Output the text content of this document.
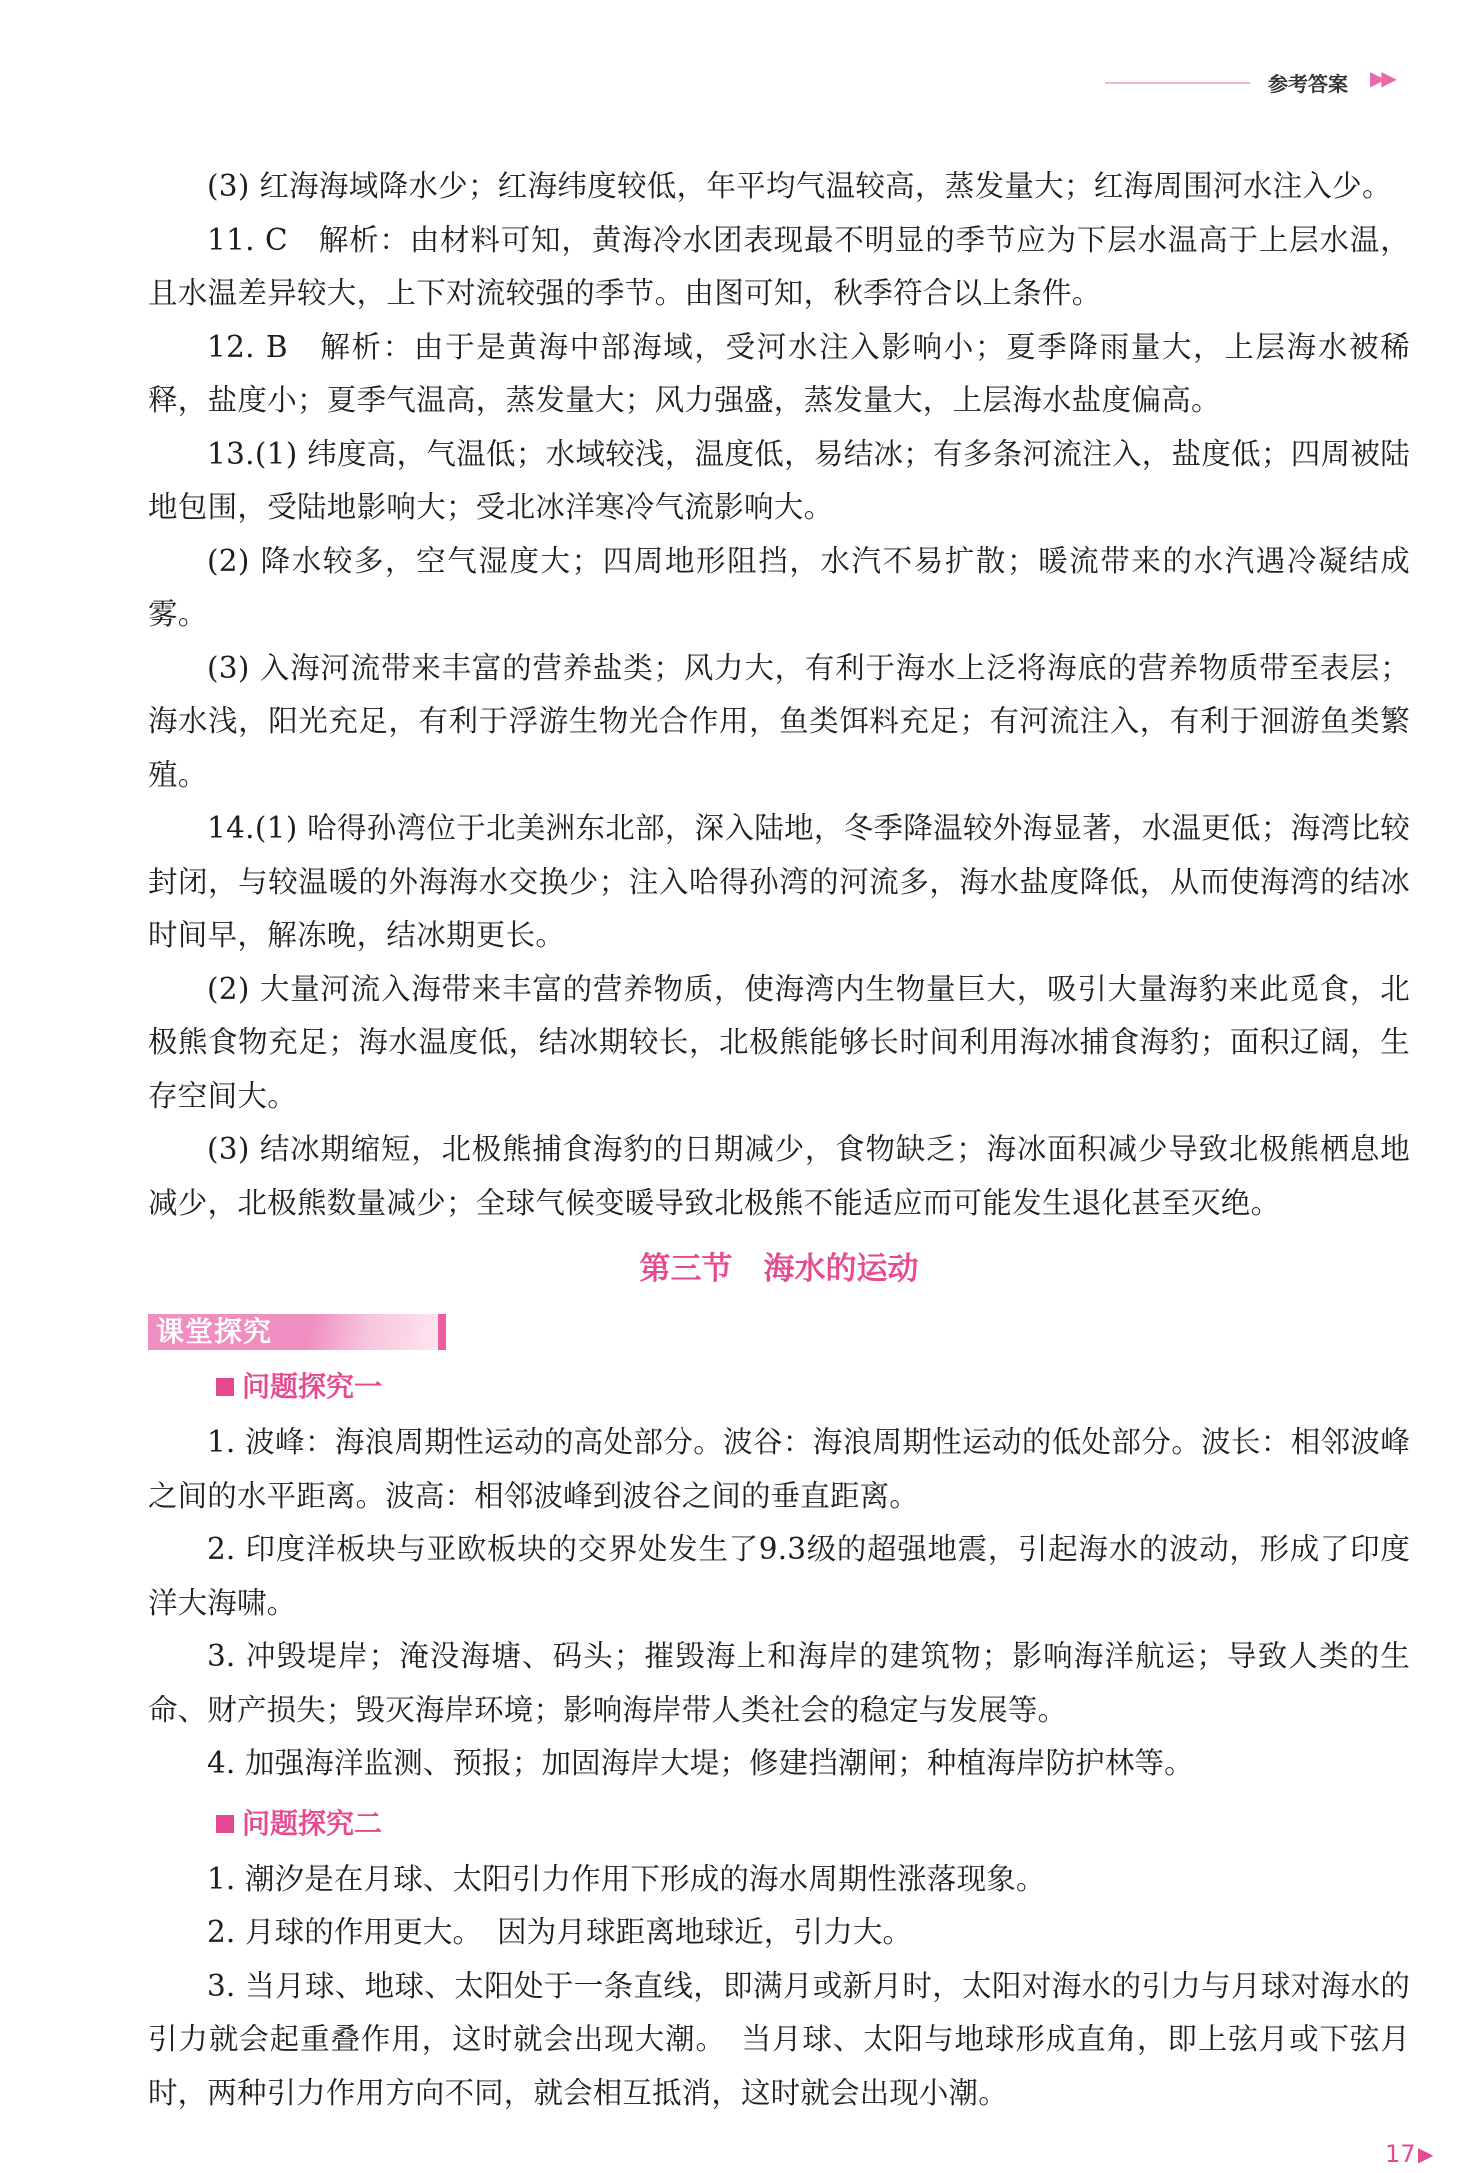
参考答案 ▶▶

(3) 红海海域降水少；红海纬度较低，年平均气温较高，蒸发量大；红海周围河水注入少。

11. C　解析：由材料可知，黄海冷水团表现最不明显的季节应为下层水温高于上层水温，且水温差异较大，上下对流较强的季节。由图可知，秋季符合以上条件。

12. B　解析：由于是黄海中部海域，受河水注入影响小；夏季降雨量大，上层海水被稀释，盐度小；夏季气温高，蒸发量大；风力强盛，蒸发量大，上层海水盐度偏高。

13.(1) 纬度高，气温低；水域较浅，温度低，易结冰；有多条河流注入，盐度低；四周被陆地包围，受陆地影响大；受北冰洋寒冷气流影响大。

(2) 降水较多，空气湿度大；四周地形阻挡，水汽不易扩散；暖流带来的水汽遇冷凝结成雾。

(3) 入海河流带来丰富的营养盐类；风力大，有利于海水上泛将海底的营养物质带至表层；海水浅，阳光充足，有利于浮游生物光合作用，鱼类饵料充足；有河流注入，有利于洄游鱼类繁殖。

14.(1) 哈得孙湾位于北美洲东北部，深入陆地，冬季降温较外海显著，水温更低；海湾比较封闭，与较温暖的外海海水交换少；注入哈得孙湾的河流多，海水盐度降低，从而使海湾的结冰时间早，解冻晚，结冰期更长。

(2) 大量河流入海带来丰富的营养物质，使海湾内生物量巨大，吸引大量海豹来此觅食，北极熊食物充足；海水温度低，结冰期较长，北极熊能够长时间利用海冰捕食海豹；面积辽阔，生存空间大。

(3) 结冰期缩短，北极熊捕食海豹的日期减少，食物缺乏；海冰面积减少导致北极熊栖息地减少，北极熊数量减少；全球气候变暖导致北极熊不能适应而可能发生退化甚至灭绝。

第三节　海水的运动
课堂探究
问题探究一

1. 波峰：海浪周期性运动的高处部分。波谷：海浪周期性运动的低处部分。波长：相邻波峰之间的水平距离。波高：相邻波峰到波谷之间的垂直距离。

2. 印度洋板块与亚欧板块的交界处发生了9.3级的超强地震，引起海水的波动，形成了印度洋大海啸。

3. 冲毁堤岸；淹没海塘、码头；摧毁海上和海岸的建筑物；影响海洋航运；导致人类的生命、财产损失；毁灭海岸环境；影响海岸带人类社会的稳定与发展等。

4. 加强海洋监测、预报；加固海岸大堤；修建挡潮闸；种植海岸防护林等。

问题探究二

1. 潮汐是在月球、太阳引力作用下形成的海水周期性涨落现象。

2. 月球的作用更大。　因为月球距离地球近，引力大。

3. 当月球、地球、太阳处于一条直线，即满月或新月时，太阳对海水的引力与月球对海水的引力就会起重叠作用，这时就会出现大潮。　当月球、太阳与地球形成直角，即上弦月或下弦月时，两种引力作用方向不同，就会相互抵消，这时就会出现小潮。

17 ▶
